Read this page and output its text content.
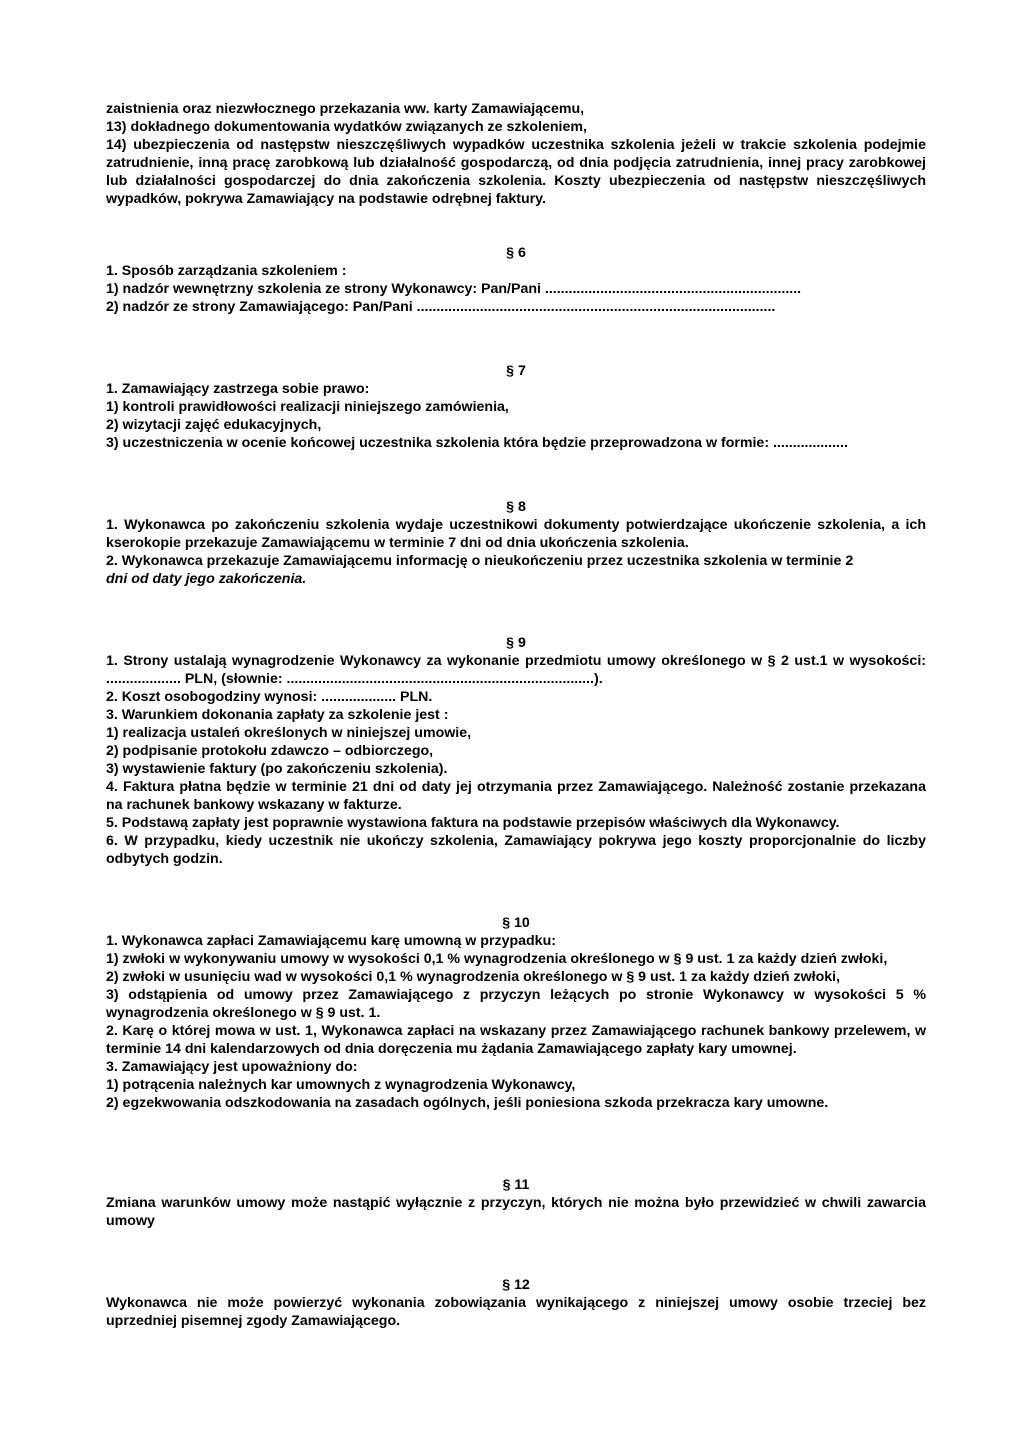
zaistnienia oraz niezwłocznego przekazania ww. karty Zamawiającemu,

13) dokładnego dokumentowania wydatków związanych ze szkoleniem,

14) ubezpieczenia od następstw nieszczęśliwych wypadków uczestnika szkolenia jeżeli w trakcie szkolenia podejmie zatrudnienie, inną pracę zarobkową lub działalność gospodarczą, od dnia podjęcia zatrudnienia, innej pracy zarobkowej lub działalności gospodarczej do dnia zakończenia szkolenia. Koszty ubezpieczenia od następstw nieszczęśliwych wypadków, pokrywa Zamawiający na podstawie odrębnej faktury.

§ 6

1. Sposób zarządzania szkoleniem :

1) nadzór wewnętrzny szkolenia ze strony Wykonawcy: Pan/Pani .................................................................

2) nadzór ze strony Zamawiającego: Pan/Pani ...........................................................................................

§ 7

1. Zamawiający zastrzega sobie prawo:

1) kontroli prawidłowości realizacji niniejszego zamówienia,

2) wizytacji zajęć edukacyjnych,

3) uczestniczenia w ocenie końcowej uczestnika szkolenia która będzie przeprowadzona w formie: ...................

§ 8

1. Wykonawca po zakończeniu szkolenia wydaje uczestnikowi dokumenty potwierdzające ukończenie szkolenia, a ich kserokopie przekazuje Zamawiającemu w terminie 7 dni od dnia ukończenia szkolenia.

2. Wykonawca przekazuje Zamawiającemu informację o nieukończeniu przez uczestnika szkolenia w terminie 2

dni od daty jego zakończenia.

§ 9

1. Strony ustalają wynagrodzenie Wykonawcy za wykonanie przedmiotu umowy określonego w § 2 ust.1 w wysokości: ................... PLN, (słownie: ..............................................................................).

2. Koszt osobogodziny wynosi: ................... PLN.

3. Warunkiem dokonania zapłaty za szkolenie jest :

1) realizacja ustaleń określonych w niniejszej umowie,

2) podpisanie protokołu zdawczo – odbiorczego,

3) wystawienie faktury (po zakończeniu szkolenia).

4. Faktura płatna będzie w terminie 21 dni od daty jej otrzymania przez Zamawiającego. Należność zostanie przekazana na rachunek bankowy wskazany w fakturze.

5. Podstawą zapłaty jest poprawnie wystawiona faktura na podstawie przepisów właściwych dla Wykonawcy.

6. W przypadku, kiedy uczestnik nie ukończy szkolenia, Zamawiający pokrywa jego koszty proporcjonalnie do liczby odbytych godzin.

§ 10

1. Wykonawca zapłaci Zamawiającemu karę umowną w przypadku:

1) zwłoki w wykonywaniu umowy w wysokości 0,1 % wynagrodzenia określonego w § 9 ust. 1 za każdy dzień zwłoki,

2) zwłoki w usunięciu wad w wysokości 0,1 % wynagrodzenia określonego w § 9 ust. 1 za każdy dzień zwłoki,

3) odstąpienia od umowy przez Zamawiającego z przyczyn leżących po stronie Wykonawcy w wysokości 5 % wynagrodzenia określonego w § 9 ust. 1.

2. Karę o której mowa w ust. 1, Wykonawca zapłaci na wskazany przez Zamawiającego rachunek bankowy przelewem, w terminie 14 dni kalendarzowych od dnia doręczenia mu żądania Zamawiającego zapłaty kary umownej.

3. Zamawiający jest upoważniony do:

1) potrącenia należnych kar umownych z wynagrodzenia Wykonawcy,

2) egzekwowania odszkodowania na zasadach ogólnych, jeśli poniesiona szkoda przekracza kary umowne.

§ 11

Zmiana warunków umowy może nastąpić wyłącznie z przyczyn, których nie można było przewidzieć w chwili zawarcia umowy

§ 12

Wykonawca nie może powierzyć wykonania zobowiązania wynikającego z niniejszej umowy osobie trzeciej bez uprzedniej pisemnej zgody Zamawiającego.
